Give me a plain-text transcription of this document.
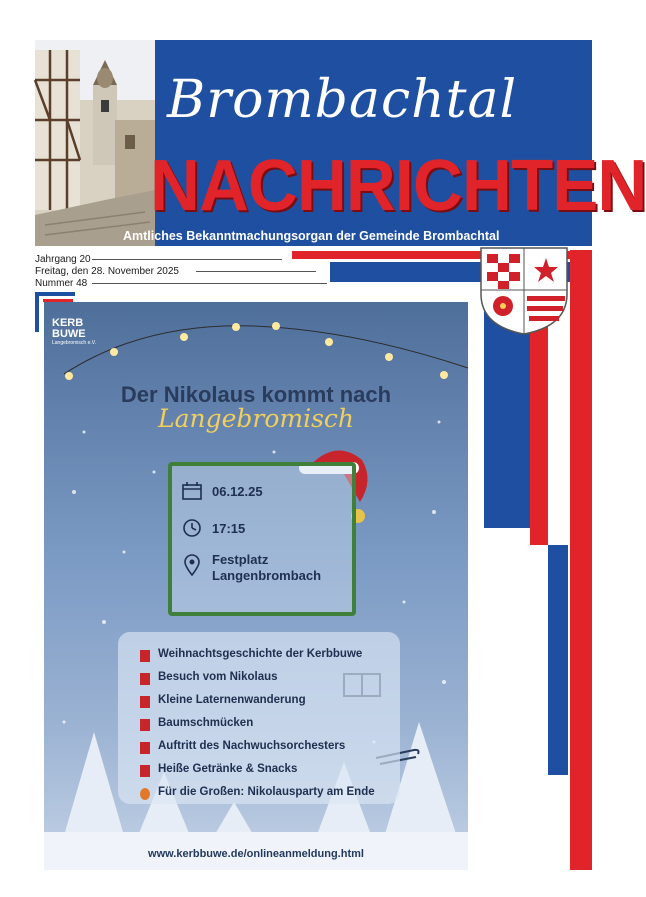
Brombachtal
NACHRICHTEN
Amtliches Bekanntmachungsorgan der Gemeinde Brombachtal
Jahrgang 20
Freitag, den 28. November 2025
Nummer 48
KERB
BUWE
Langebromisch e.V.
Der Nikolaus kommt nach
Langebromisch
06.12.25
17:15
Festplatz
Langenbrombach
Weihnachtsgeschichte der Kerbbuwe
Besuch vom Nikolaus
Kleine Laternenwanderung
Baumschmücken
Auftritt des Nachwuchsorchesters
Heiße Getränke & Snacks
Für die Großen: Nikolausparty am Ende
www.kerbbuwe.de/onlineanmeldung.html
